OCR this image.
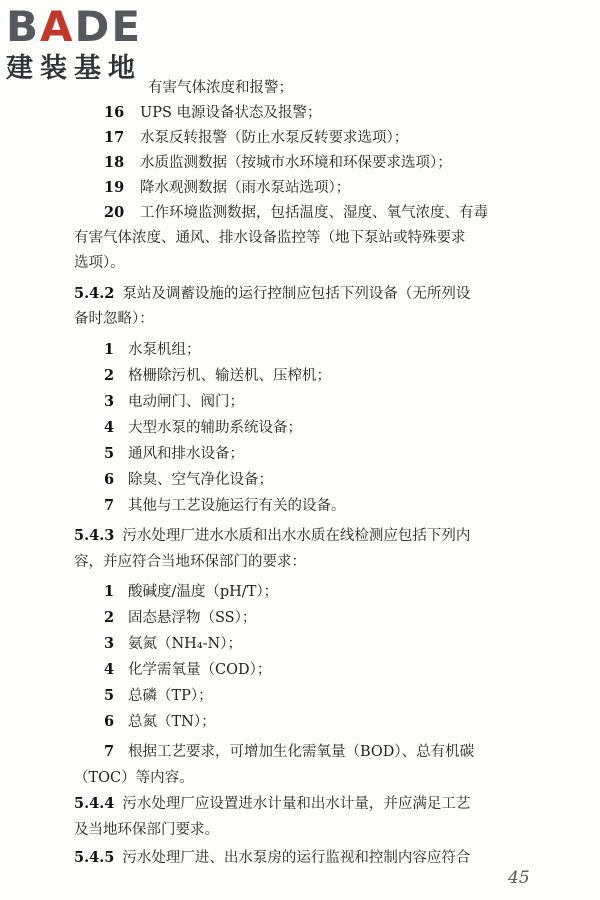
BADE
建装基地
有害气体浓度和报警；
16 UPS 电源设备状态及报警；
17 水泵反转报警（防止水泵反转要求选项）；
18 水质监测数据（按城市水环境和环保要求选项）；
19 降水观测数据（雨水泵站选项）；
20 工作环境监测数据，包括温度、湿度、氧气浓度、有毒
有害气体浓度、通风、排水设备监控等（地下泵站或特殊要求
选项）。
5.4.2 泵站及调蓄设施的运行控制应包括下列设备（无所列设
备时忽略）：
1 水泵机组；
2 格栅除污机、输送机、压榨机；
3 电动闸门、阀门；
4 大型水泵的辅助系统设备；
5 通风和排水设备；
6 除臭、空气净化设备；
7 其他与工艺设施运行有关的设备。
5.4.3 污水处理厂进水水质和出水水质在线检测应包括下列内
容，并应符合当地环保部门的要求：
1 酸碱度/温度（pH/T）；
2 固态悬浮物（SS）；
3 氨氮（NH₄-N）；
4 化学需氧量（COD）；
5 总磷（TP）；
6 总氮（TN）；
7 根据工艺要求，可增加生化需氧量（BOD）、总有机碳
（TOC）等内容。
5.4.4 污水处理厂应设置进水计量和出水计量，并应满足工艺
及当地环保部门要求。
5.4.5 污水处理厂进、出水泵房的运行监视和控制内容应符合
45
